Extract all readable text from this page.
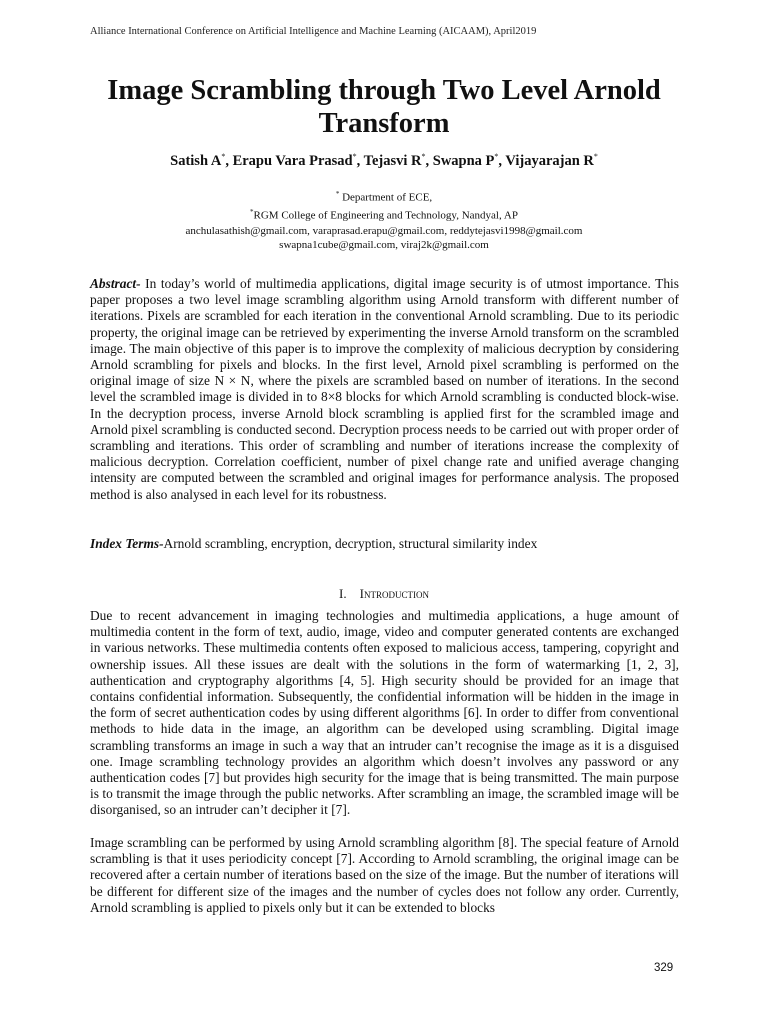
Alliance International Conference on Artificial Intelligence and Machine Learning (AICAAM), April2019
Image Scrambling through Two Level Arnold
Transform
Satish A*, Erapu Vara Prasad*, Tejasvi R*, Swapna P*, Vijayarajan R*
* Department of ECE,
*RGM College of Engineering and Technology, Nandyal, AP
anchulasathish@gmail.com, varaprasad.erapu@gmail.com, reddytejasvi1998@gmail.com
swapna1cube@gmail.com, viraj2k@gmail.com
Abstract- In today’s world of multimedia applications, digital image security is of utmost importance. This paper proposes a two level image scrambling algorithm using Arnold transform with different number of iterations. Pixels are scrambled for each iteration in the conventional Arnold scrambling. Due to its periodic property, the original image can be retrieved by experimenting the inverse Arnold transform on the scrambled image. The main objective of this paper is to improve the complexity of malicious decryption by considering Arnold scrambling for pixels and blocks. In the first level, Arnold pixel scrambling is performed on the original image of size N × N, where the pixels are scrambled based on number of iterations. In the second level the scrambled image is divided in to 8×8 blocks for which Arnold scrambling is conducted block-wise. In the decryption process, inverse Arnold block scrambling is applied first for the scrambled image and Arnold pixel scrambling is conducted second. Decryption process needs to be carried out with proper order of scrambling and iterations. This order of scrambling and number of iterations increase the complexity of malicious decryption. Correlation coefficient, number of pixel change rate and unified average changing intensity are computed between the scrambled and original images for performance analysis. The proposed method is also analysed in each level for its robustness.
Index Terms-Arnold scrambling, encryption, decryption, structural similarity index
I. Introduction
Due to recent advancement in imaging technologies and multimedia applications, a huge amount of multimedia content in the form of text, audio, image, video and computer generated contents are exchanged in various networks. These multimedia contents often exposed to malicious access, tampering, copyright and ownership issues. All these issues are dealt with the solutions in the form of watermarking [1, 2, 3], authentication and cryptography algorithms [4, 5]. High security should be provided for an image that contains confidential information. Subsequently, the confidential information will be hidden in the image in the form of secret authentication codes by using different algorithms [6]. In order to differ from conventional methods to hide data in the image, an algorithm can be developed using scrambling. Digital image scrambling transforms an image in such a way that an intruder can’t recognise the image as it is a disguised one. Image scrambling technology provides an algorithm which doesn’t involves any password or any authentication codes [7] but provides high security for the image that is being transmitted. The main purpose is to transmit the image through the public networks. After scrambling an image, the scrambled image will be disorganised, so an intruder can’t decipher it [7].
Image scrambling can be performed by using Arnold scrambling algorithm [8]. The special feature of Arnold scrambling is that it uses periodicity concept [7]. According to Arnold scrambling, the original image can be recovered after a certain number of iterations based on the size of the image. But the number of iterations will be different for different size of the images and the number of cycles does not follow any order. Currently, Arnold scrambling is applied to pixels only but it can be extended to blocks
329
